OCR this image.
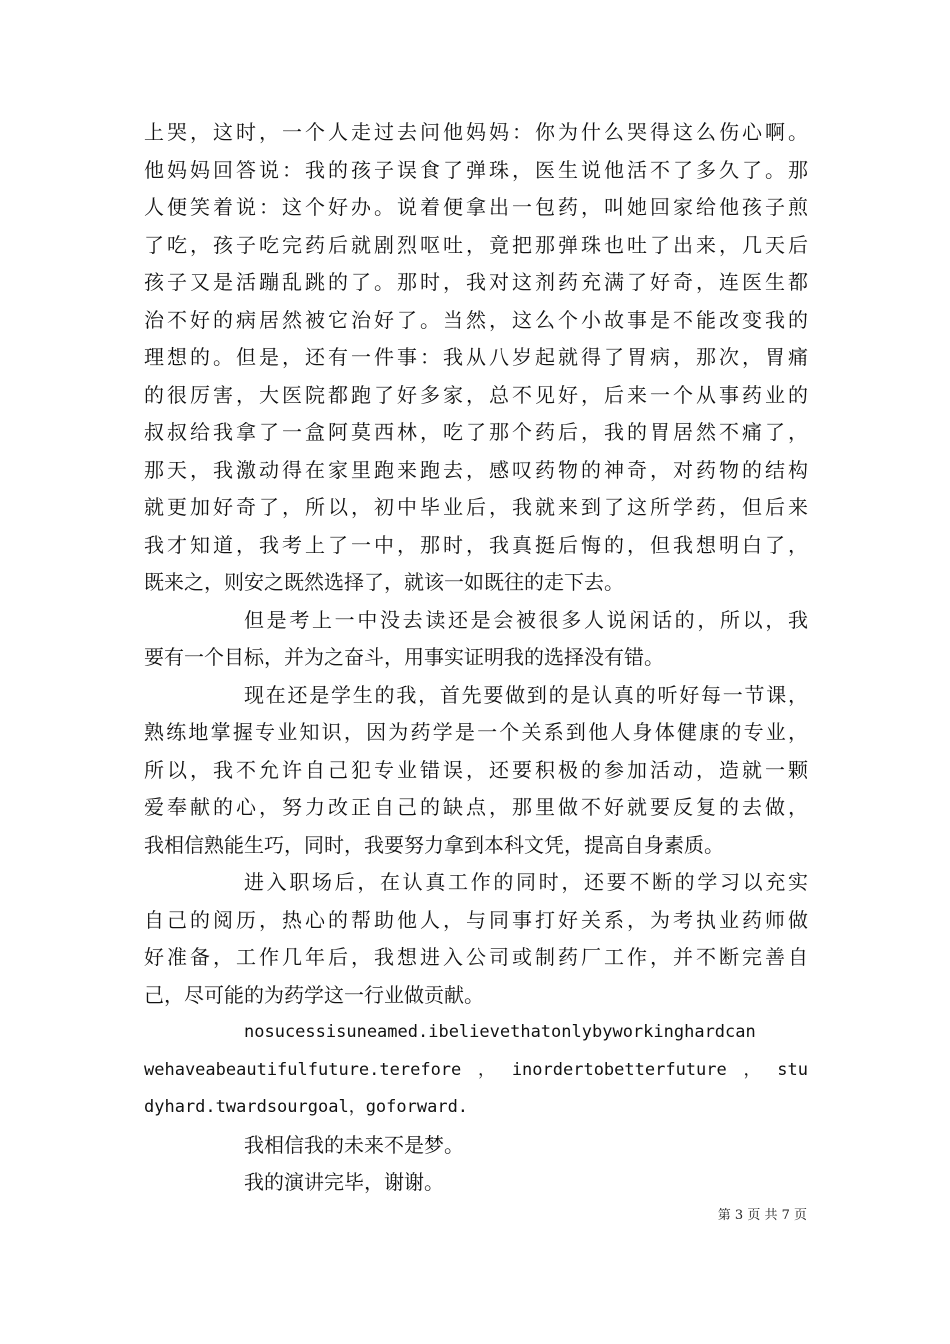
上哭，这时，一个人走过去问他妈妈：你为什么哭得这么伤心啊。
他妈妈回答说：我的孩子误食了弹珠，医生说他活不了多久了。那
人便笑着说：这个好办。说着便拿出一包药，叫她回家给他孩子煎
了吃，孩子吃完药后就剧烈呕吐，竟把那弹珠也吐了出来，几天后
孩子又是活蹦乱跳的了。那时，我对这剂药充满了好奇，连医生都
治不好的病居然被它治好了。当然，这么个小故事是不能改变我的
理想的。但是，还有一件事：我从八岁起就得了胃病，那次，胃痛
的很厉害，大医院都跑了好多家，总不见好，后来一个从事药业的
叔叔给我拿了一盒阿莫西林，吃了那个药后，我的胃居然不痛了，
那天，我激动得在家里跑来跑去，感叹药物的神奇，对药物的结构
就更加好奇了，所以，初中毕业后，我就来到了这所学药，但后来
我才知道，我考上了一中，那时，我真挺后悔的，但我想明白了，
既来之，则安之既然选择了，就该一如既往的走下去。
但是考上一中没去读还是会被很多人说闲话的，所以，我
要有一个目标，并为之奋斗，用事实证明我的选择没有错。
现在还是学生的我，首先要做到的是认真的听好每一节课，
熟练地掌握专业知识，因为药学是一个关系到他人身体健康的专业，
所以，我不允许自己犯专业错误，还要积极的参加活动，造就一颗
爱奉献的心，努力改正自己的缺点，那里做不好就要反复的去做，
我相信熟能生巧，同时，我要努力拿到本科文凭，提高自身素质。
进入职场后，在认真工作的同时，还要不断的学习以充实
自己的阅历，热心的帮助他人，与同事打好关系，为考执业药师做
好准备，工作几年后，我想进入公司或制药厂工作，并不断完善自
己，尽可能的为药学这一行业做贡献。
nosucessisuneamed.ibelievethatonlybyworkinghardcan
wehaveabeautifulfuture.terefore，inordertobetterfuture，stu
dyhard.twardsourgoal，goforward.
我相信我的未来不是梦。
我的演讲完毕，谢谢。
第 3 页 共 7 页
